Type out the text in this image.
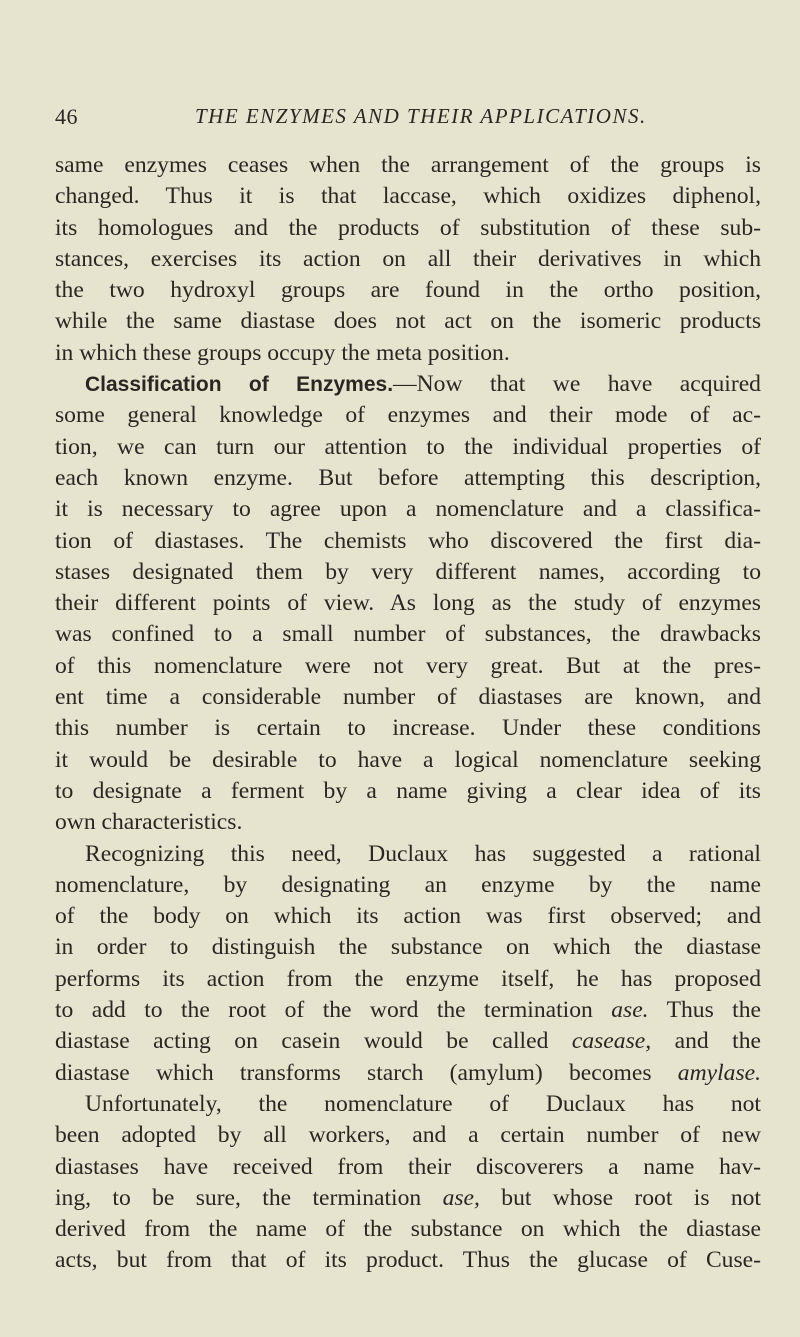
46	THE ENZYMES AND THEIR APPLICATIONS.
same enzymes ceases when the arrangement of the groups is
changed. Thus it is that laccase, which oxidizes diphenol,
its homologues and the products of substitution of these sub-
stances, exercises its action on all their derivatives in which
the two hydroxyl groups are found in the ortho position,
while the same diastase does not act on the isomeric products
in which these groups occupy the meta position.
Classification of Enzymes.—Now that we have acquired
some general knowledge of enzymes and their mode of ac-
tion, we can turn our attention to the individual properties of
each known enzyme. But before attempting this description,
it is necessary to agree upon a nomenclature and a classifica-
tion of diastases. The chemists who discovered the first dia-
stases designated them by very different names, according to
their different points of view. As long as the study of enzymes
was confined to a small number of substances, the drawbacks
of this nomenclature were not very great. But at the pres-
ent time a considerable number of diastases are known, and
this number is certain to increase. Under these conditions
it would be desirable to have a logical nomenclature seeking
to designate a ferment by a name giving a clear idea of its
own characteristics.
Recognizing this need, Duclaux has suggested a rational
nomenclature, by designating an enzyme by the name
of the body on which its action was first observed; and
in order to distinguish the substance on which the diastase
performs its action from the enzyme itself, he has proposed
to add to the root of the word the termination ase. Thus the
diastase acting on casein would be called casease, and the
diastase which transforms starch (amylum) becomes amylase.
Unfortunately, the nomenclature of Duclaux has not
been adopted by all workers, and a certain number of new
diastases have received from their discoverers a name hav-
ing, to be sure, the termination ase, but whose root is not
derived from the name of the substance on which the diastase
acts, but from that of its product. Thus the glucase of Cuse-
